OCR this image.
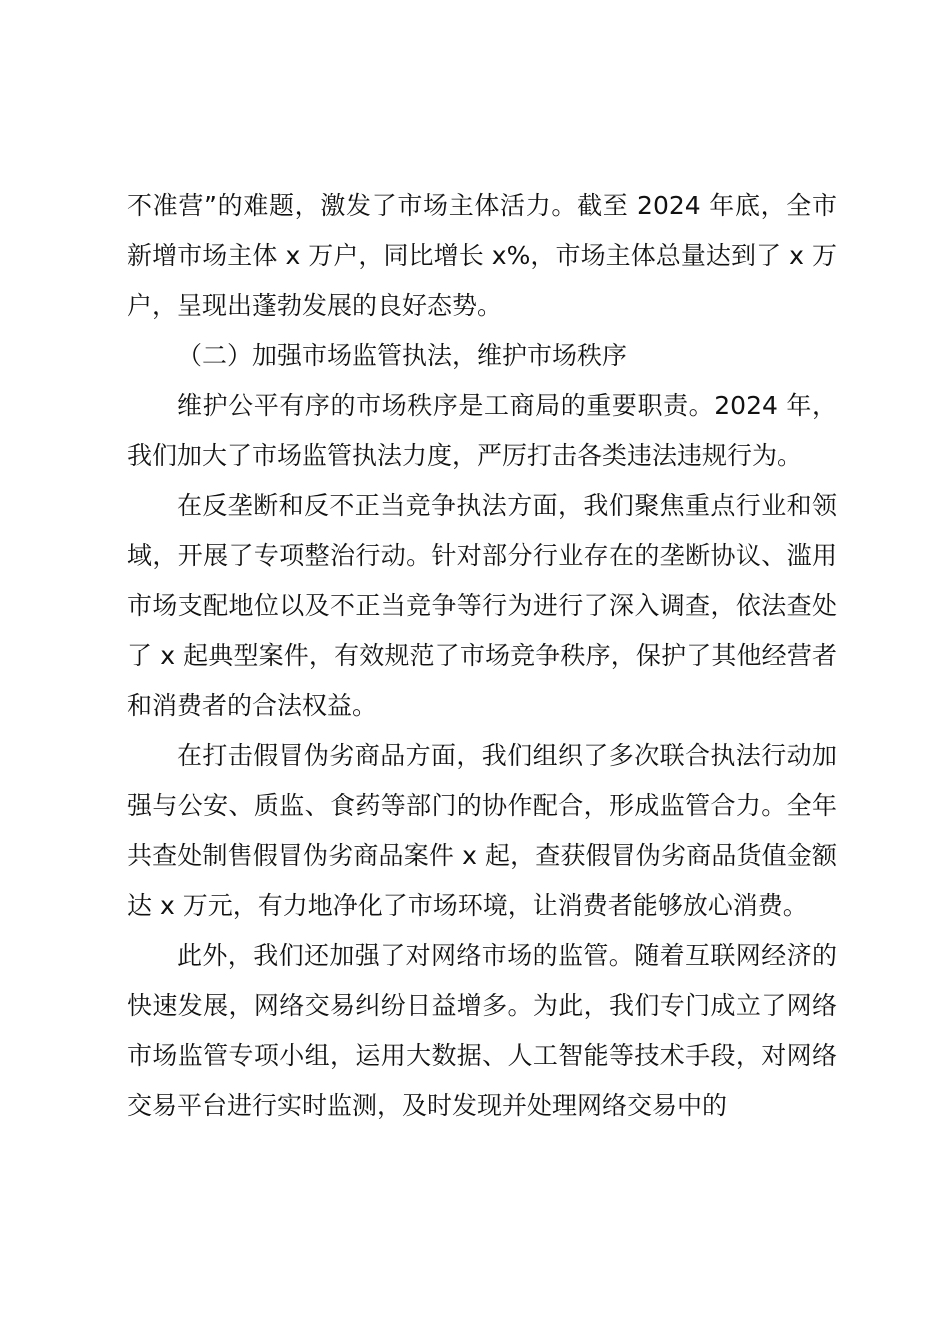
不准营”的难题，激发了市场主体活力。截至 2024 年底，全市新增市场主体 x 万户，同比增长 x%，市场主体总量达到了 x 万户，呈现出蓬勃发展的良好态势。

（二）加强市场监管执法，维护市场秩序

维护公平有序的市场秩序是工商局的重要职责。2024 年，我们加大了市场监管执法力度，严厉打击各类违法违规行为。

在反垄断和反不正当竞争执法方面，我们聚焦重点行业和领域，开展了专项整治行动。针对部分行业存在的垄断协议、滥用市场支配地位以及不正当竞争等行为进行了深入调查，依法查处了 x 起典型案件，有效规范了市场竞争秩序，保护了其他经营者和消费者的合法权益。

在打击假冒伪劣商品方面，我们组织了多次联合执法行动加强与公安、质监、食药等部门的协作配合，形成监管合力。全年共查处制售假冒伪劣商品案件 x 起，查获假冒伪劣商品货值金额达 x 万元，有力地净化了市场环境，让消费者能够放心消费。

此外，我们还加强了对网络市场的监管。随着互联网经济的快速发展，网络交易纠纷日益增多。为此，我们专门成立了网络市场监管专项小组，运用大数据、人工智能等技术手段，对网络交易平台进行实时监测，及时发现并处理网络交易中的
